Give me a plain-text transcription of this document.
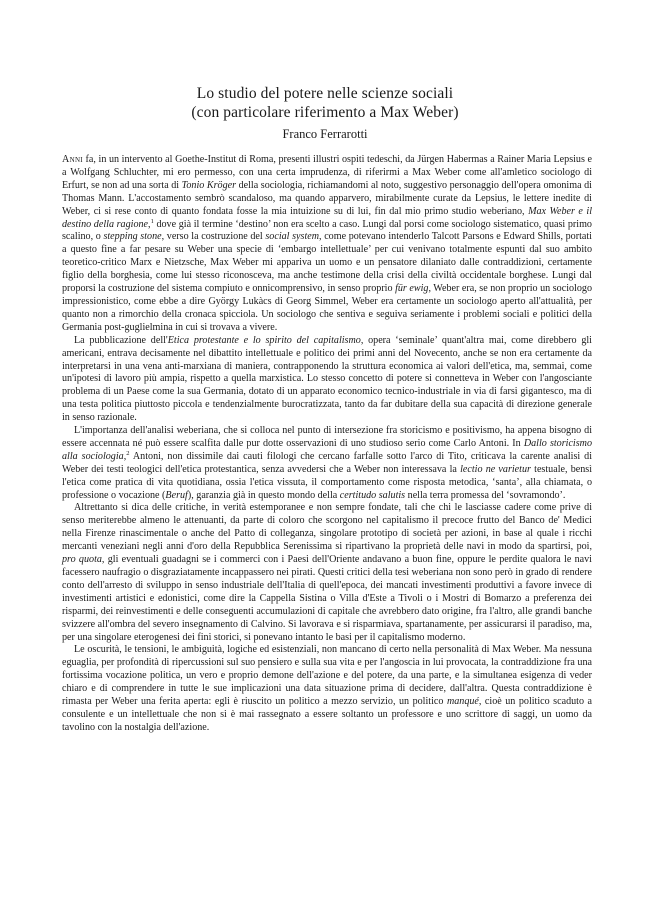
Lo studio del potere nelle scienze sociali
(con particolare riferimento a Max Weber)
Franco Ferrarotti

Anni fa, in un intervento al Goethe-Institut di Roma, presenti illustri ospiti tedeschi, da Jürgen Habermas a Rainer Maria Lepsius e a Wolfgang Schluchter, mi ero permesso, con una certa imprudenza, di riferirmi a Max Weber come all'amletico sociologo di Erfurt, se non ad una sorta di Tonio Kröger della sociologia, richiamandomi al noto, suggestivo personaggio dell'opera omonima di Thomas Mann. L'accostamento sembrò scandaloso, ma quando apparvero, mirabilmente curate da Lepsius, le lettere inedite di Weber, ci si rese conto di quanto fondata fosse la mia intuizione su di lui, fin dal mio primo studio weberiano, Max Weber e il destino della ragione,$^1$ dove già il termine ‘destino’ non era scelto a caso. Lungi dal porsi come sociologo sistematico, quasi primo scalino, o stepping stone, verso la costruzione del social system, come potevano intenderlo Talcott Parsons e Edward Shills, portati a questo fine a far pesare su Weber una specie di ‘embargo intellettuale’ per cui venivano totalmente espunti dal suo ambito teoretico-critico Marx e Nietzsche, Max Weber mi appariva un uomo e un pensatore dilaniato dalle contraddizioni, certamente figlio della borghesia, come lui stesso riconosceva, ma anche testimone della crisi della civiltà occidentale borghese. Lungi dal proporsi la costruzione del sistema compiuto e onnicomprensivo, in senso proprio für ewig, Weber era, se non proprio un sociologo impressionistico, come ebbe a dire György Lukàcs di Georg Simmel, Weber era certamente un sociologo aperto all'attualità, per quanto non a rimorchio della cronaca spicciola. Un sociologo che sentiva e seguiva seriamente i problemi sociali e politici della Germania post-guglielmina in cui si trovava a vivere.

La pubblicazione dell'Etica protestante e lo spirito del capitalismo, opera ‘seminale’ quant'altra mai, come direbbero gli americani, entrava decisamente nel dibattito intellettuale e politico dei primi anni del Novecento, anche se non era certamente da interpretarsi in una vena anti-marxiana di maniera, contrapponendo la struttura economica ai valori dell'etica, ma, semmai, come un'ipotesi di lavoro più ampia, rispetto a quella marxistica. Lo stesso concetto di potere si connetteva in Weber con l'angosciante problema di un Paese come la sua Germania, dotato di un apparato economico tecnico-industriale in via di farsi gigantesco, ma di una testa politica piuttosto piccola e tendenzialmente burocratizzata, tanto da far dubitare della sua capacità di direzione generale in senso razionale.

L'importanza dell'analisi weberiana, che si colloca nel punto di intersezione fra storicismo e positivismo, ha appena bisogno di essere accennata né può essere scalfita dalle pur dotte osservazioni di uno studioso serio come Carlo Antoni. In Dallo storicismo alla sociologia,$^2$ Antoni, non dissimile dai cauti filologi che cercano farfalle sotto l'arco di Tito, criticava la carente analisi di Weber dei testi teologici dell'etica protestantica, senza avvedersi che a Weber non interessava la lectio ne varietur testuale, bensì l'etica come pratica di vita quotidiana, ossia l'etica vissuta, il comportamento come risposta metodica, ‘santa’, alla chiamata, o professione o vocazione (Beruf), garanzia già in questo mondo della certitudo salutis nella terra promessa del ‘sovramondo’.

Altrettanto si dica delle critiche, in verità estemporanee e non sempre fondate, tali che chi le lasciasse cadere come prive di senso meriterebbe almeno le attenuanti, da parte di coloro che scorgono nel capitalismo il precoce frutto del Banco de' Medici nella Firenze rinascimentale o anche del Patto di colleganza, singolare prototipo di società per azioni, in base al quale i ricchi mercanti veneziani negli anni d'oro della Repubblica Serenissima si ripartivano la proprietà delle navi in modo da spartirsi, poi, pro quota, gli eventuali guadagni se i commerci con i Paesi dell'Oriente andavano a buon fine, oppure le perdite qualora le navi facessero naufragio o disgraziatamente incappassero nei pirati. Questi critici della tesi weberiana non sono però in grado di rendere conto dell'arresto di sviluppo in senso industriale dell'Italia di quell'epoca, dei mancati investimenti produttivi a favore invece di investimenti artistici e edonistici, come dire la Cappella Sistina o Villa d'Este a Tivoli o i Mostri di Bomarzo a preferenza dei risparmi, dei reinvestimenti e delle conseguenti accumulazioni di capitale che avrebbero dato origine, fra l'altro, alle grandi banche svizzere all'ombra del severo insegnamento di Calvino. Si lavorava e si risparmiava, spartanamente, per assicurarsi il paradiso, ma, per una singolare eterogenesi dei fini storici, si ponevano intanto le basi per il capitalismo moderno.

Le oscurità, le tensioni, le ambiguità, logiche ed esistenziali, non mancano di certo nella personalità di Max Weber. Ma nessuna eguaglia, per profondità di ripercussioni sul suo pensiero e sulla sua vita e per l'angoscia in lui provocata, la contraddizione fra una fortissima vocazione politica, un vero e proprio demone dell'azione e del potere, da una parte, e la simultanea esigenza di veder chiaro e di comprendere in tutte le sue implicazioni una data situazione prima di decidere, dall'altra. Questa contraddizione è rimasta per Weber una ferita aperta: egli è riuscito un politico a mezzo servizio, un politico manqué, cioè un politico scaduto a consulente e un intellettuale che non si è mai rassegnato a essere soltanto un professore e uno scrittore di saggi, un uomo da tavolino con la nostalgia dell'azione.
